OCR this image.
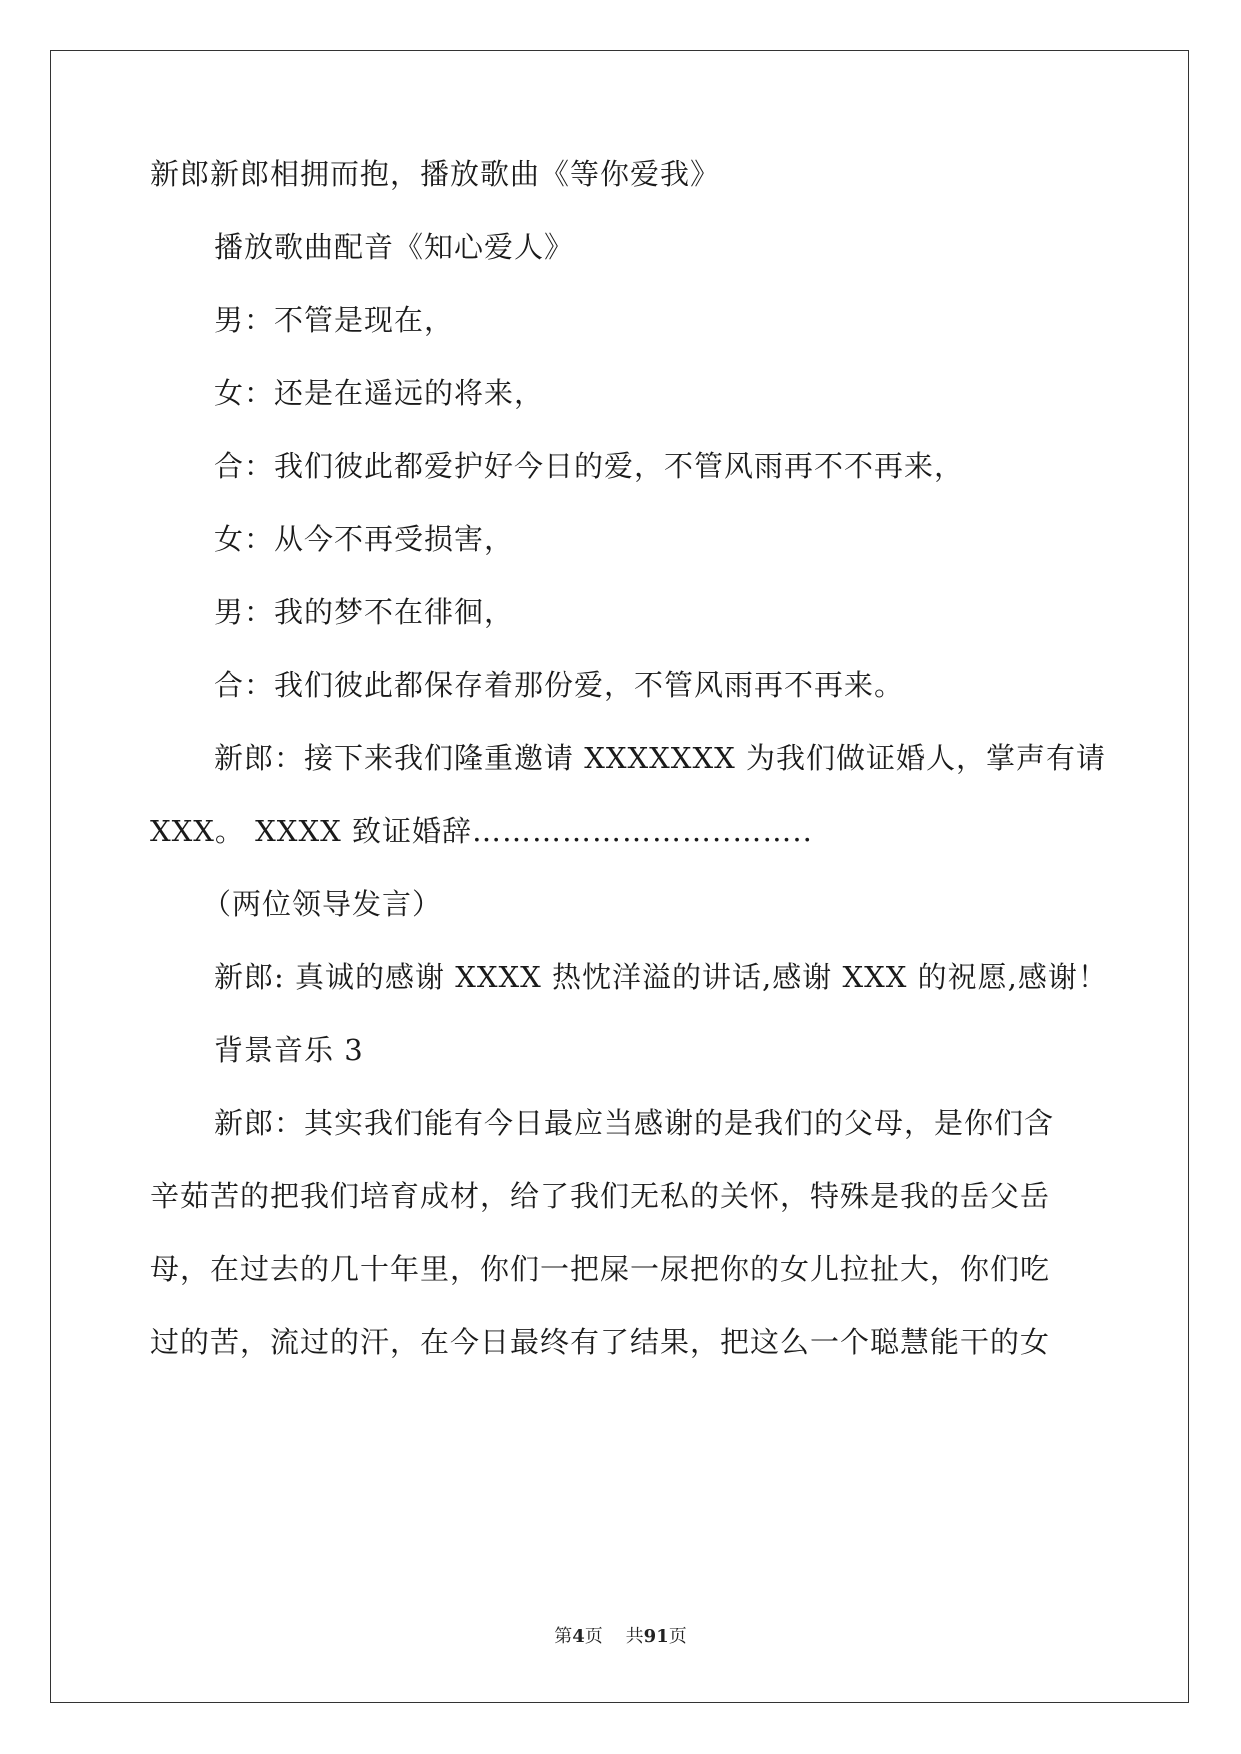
新郎新郎相拥而抱，播放歌曲《等你爱我》
播放歌曲配音《知心爱人》
男：不管是现在，
女：还是在遥远的将来，
合：我们彼此都爱护好今日的爱，不管风雨再不不再来，
女：从今不再受损害，
男：我的梦不在徘徊，
合：我们彼此都保存着那份爱，不管风雨再不再来。
新郎：接下来我们隆重邀请 XXXXXXX 为我们做证婚人，掌声有请
XXX。 XXXX 致证婚辞……………………..……..
（两位领导发言）
新郎: 真诚的感谢 XXXX 热忱洋溢的讲话,感谢 XXX 的祝愿,感谢！
背景音乐 3
新郎：其实我们能有今日最应当感谢的是我们的父母，是你们含
辛茹苦的把我们培育成材，给了我们无私的关怀，特殊是我的岳父岳
母，在过去的几十年里，你们一把屎一尿把你的女儿拉扯大，你们吃
过的苦，流过的汗，在今日最终有了结果，把这么一个聪慧能干的女
第4页 共91页
